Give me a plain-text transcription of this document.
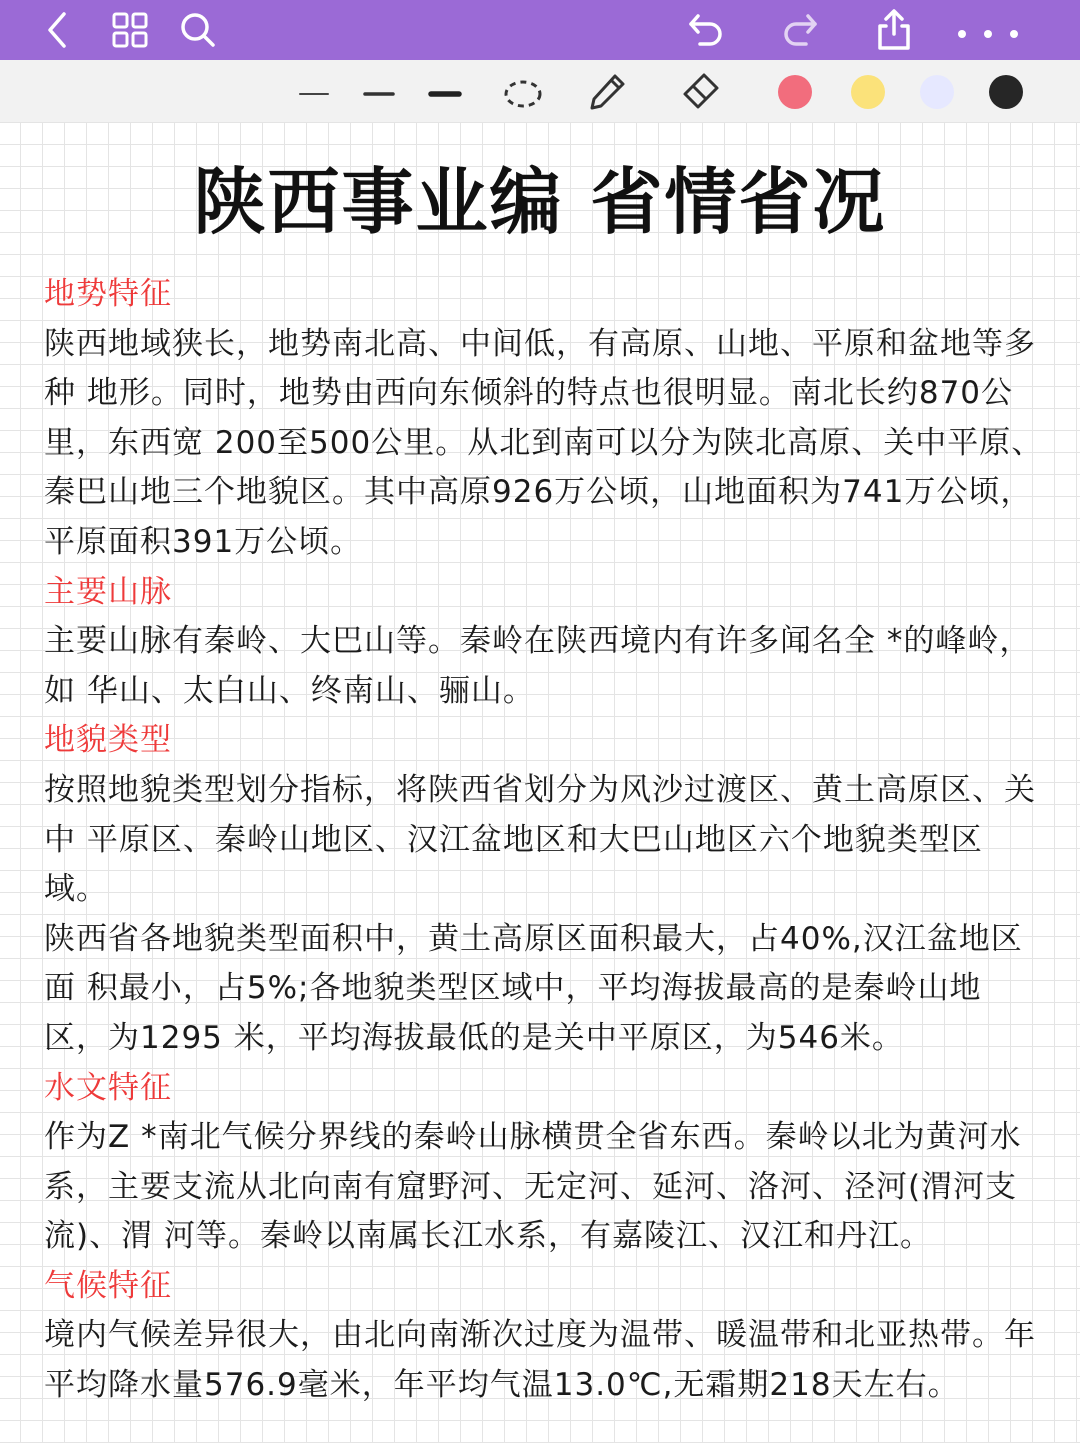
陕西事业编 省情省况

地势特征

陕西地域狭长，地势南北高、中间低，有高原、山地、平原和盆地等多种 地形。同时，地势由西向东倾斜的特点也很明显。南北长约870公里，东西宽 200至500公里。从北到南可以分为陕北高原、关中平原、秦巴山地三个地貌区。其中高原926万公顷，山地面积为741万公顷，平原面积391万公顷。

主要山脉

主要山脉有秦岭、大巴山等。秦岭在陕西境内有许多闻名全 *的峰岭，如 华山、太白山、终南山、骊山。

地貌类型

按照地貌类型划分指标，将陕西省划分为风沙过渡区、黄土高原区、关中 平原区、秦岭山地区、汉江盆地区和大巴山地区六个地貌类型区域。

陕西省各地貌类型面积中，黄土高原区面积最大，占40%,汉江盆地区面 积最小，占5%;各地貌类型区域中，平均海拔最高的是秦岭山地区，为1295 米，平均海拔最低的是关中平原区，为546米。

水文特征

作为Z *南北气候分界线的秦岭山脉横贯全省东西。秦岭以北为黄河水系，主要支流从北向南有窟野河、无定河、延河、洛河、泾河(渭河支流)、渭 河等。秦岭以南属长江水系，有嘉陵江、汉江和丹江。

气候特征

境内气候差异很大，由北向南渐次过度为温带、暖温带和北亚热带。年平均降水量576.9毫米，年平均气温13.0℃,无霜期218天左右。
